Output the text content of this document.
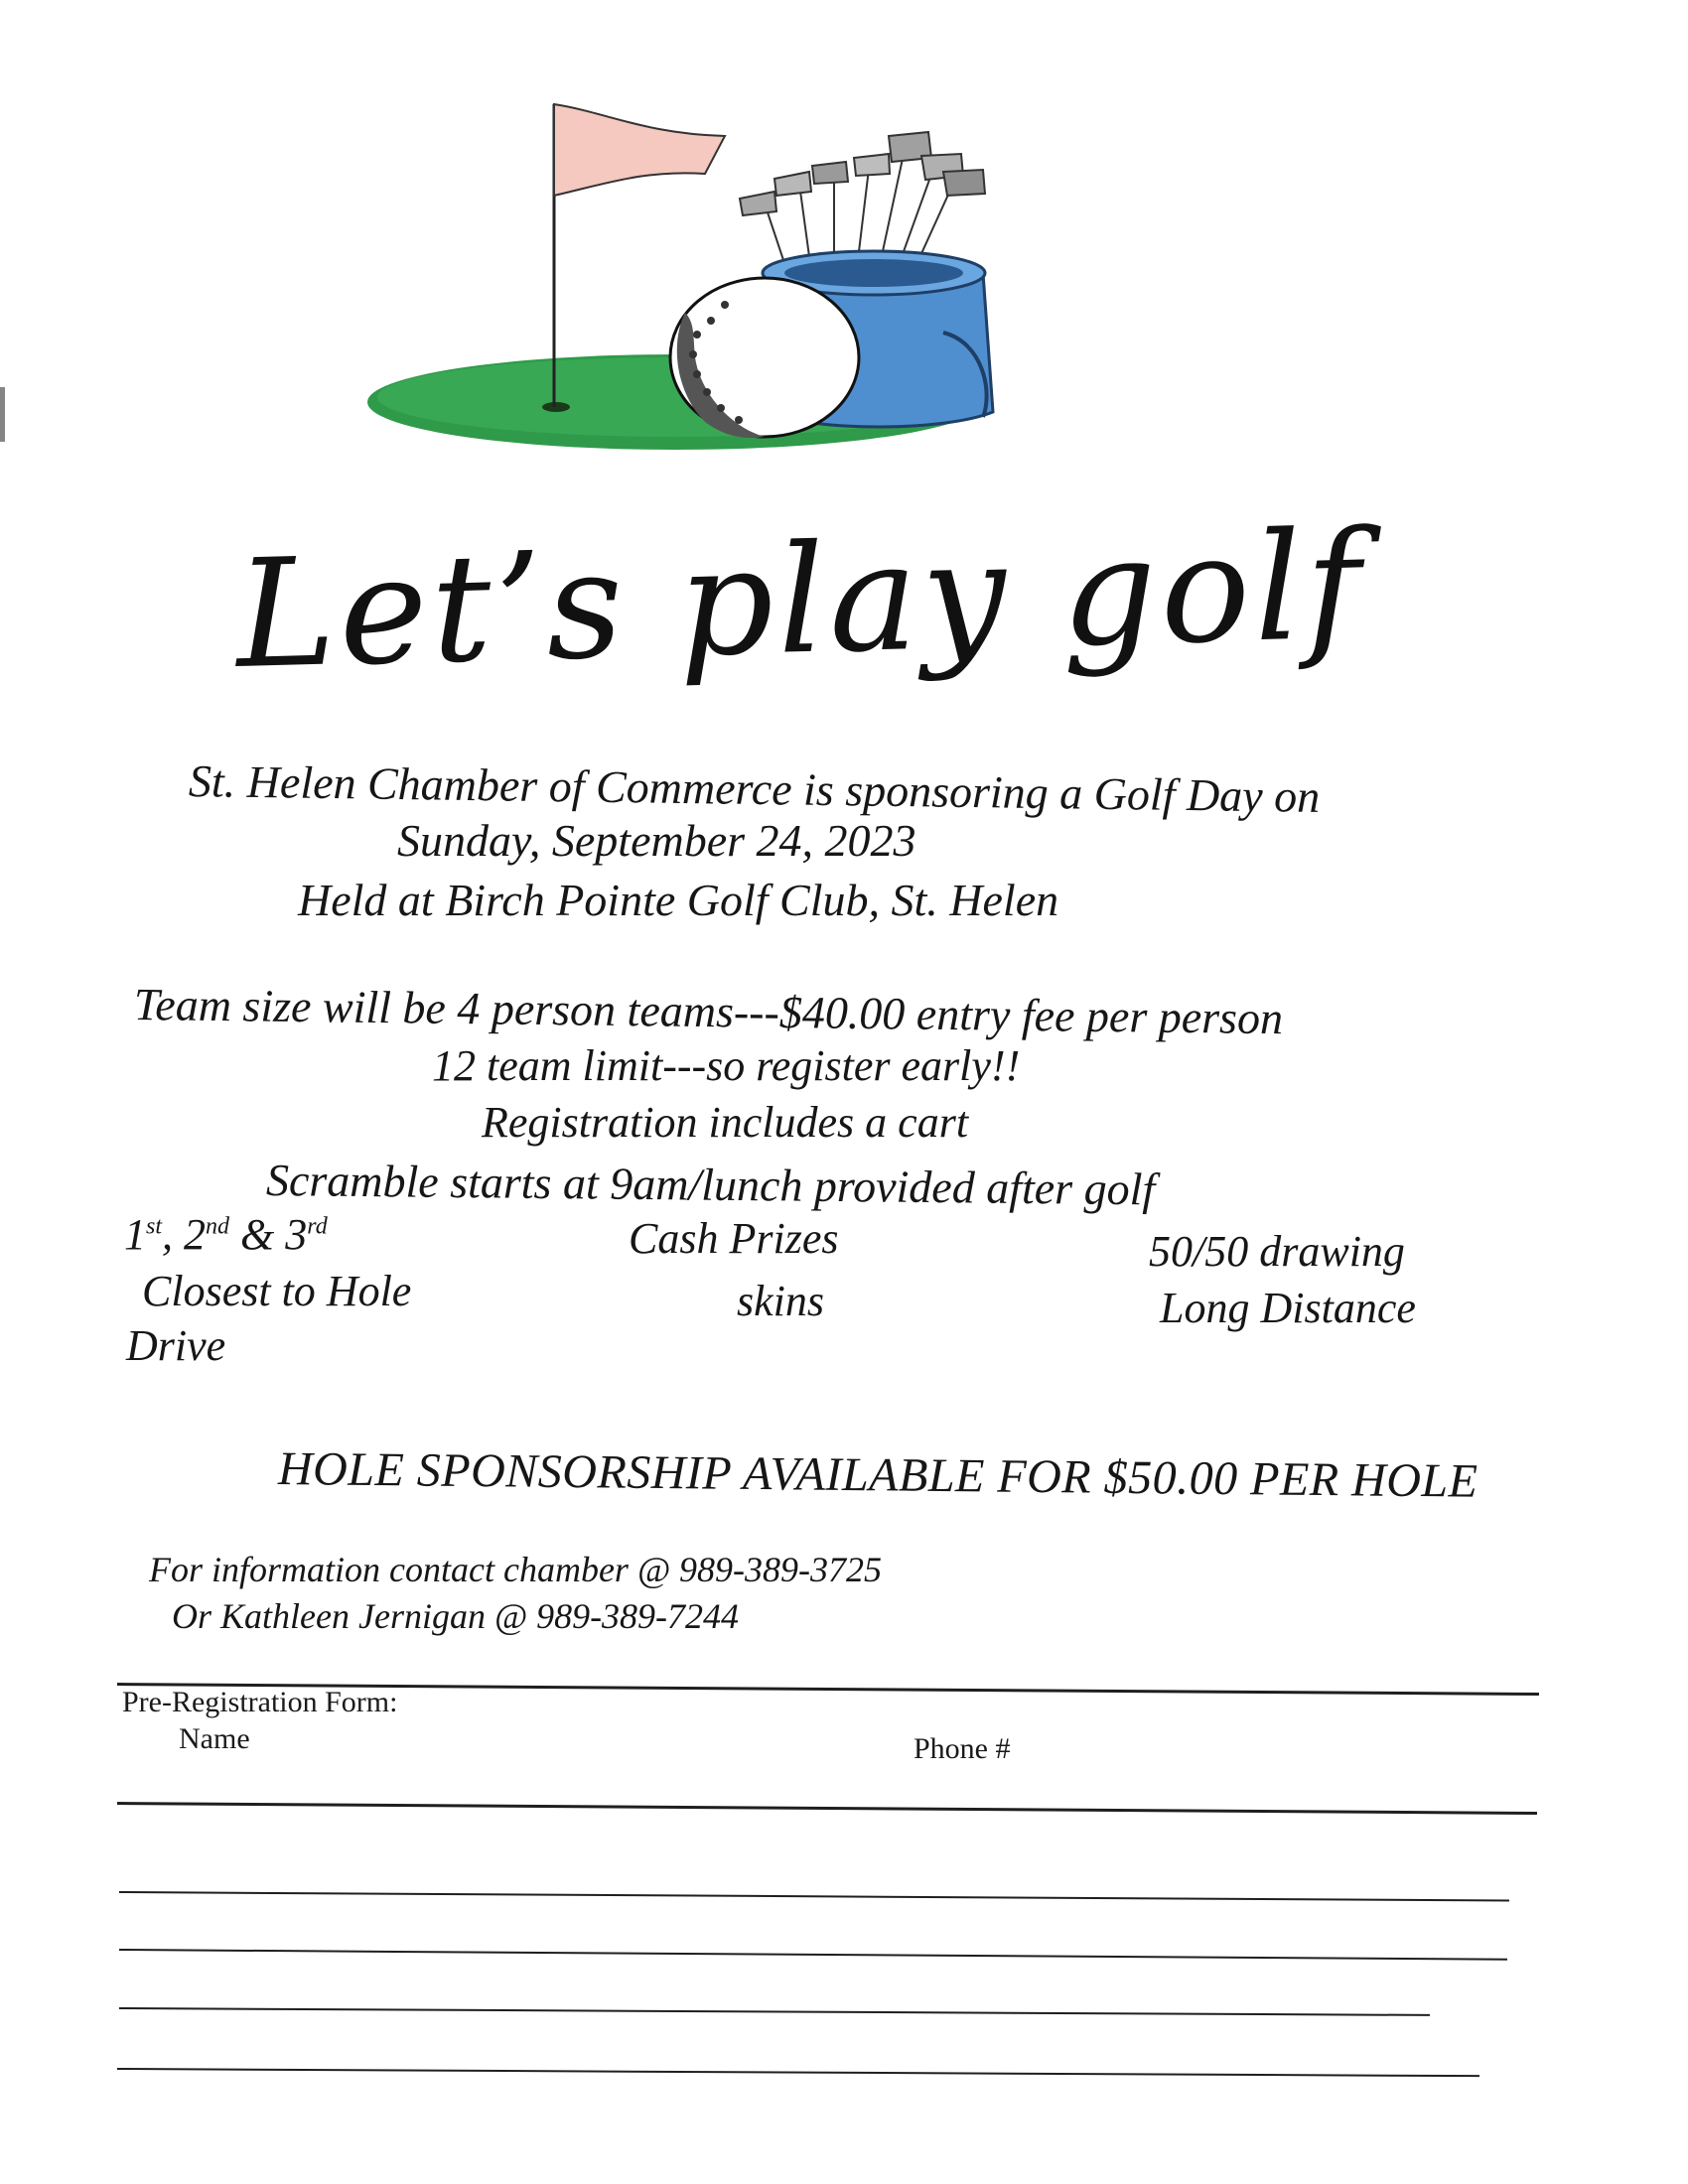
Let’s play golf
St. Helen Chamber of Commerce is sponsoring a Golf Day on
Sunday, September 24, 2023
Held at Birch Pointe Golf Club, St. Helen
Team size will be 4 person teams---$40.00 entry fee per person
12 team limit---so register early!!
Registration includes a cart
Scramble starts at 9am/lunch provided after golf
1st, 2nd & 3rd
Closest to Hole
Drive
Cash Prizes
skins
50/50 drawing
Long Distance
HOLE SPONSORSHIP AVAILABLE FOR $50.00 PER HOLE
For information contact chamber @ 989-389-3725
Or Kathleen Jernigan @ 989-389-7244
Pre-Registration Form:
Name	Phone #
